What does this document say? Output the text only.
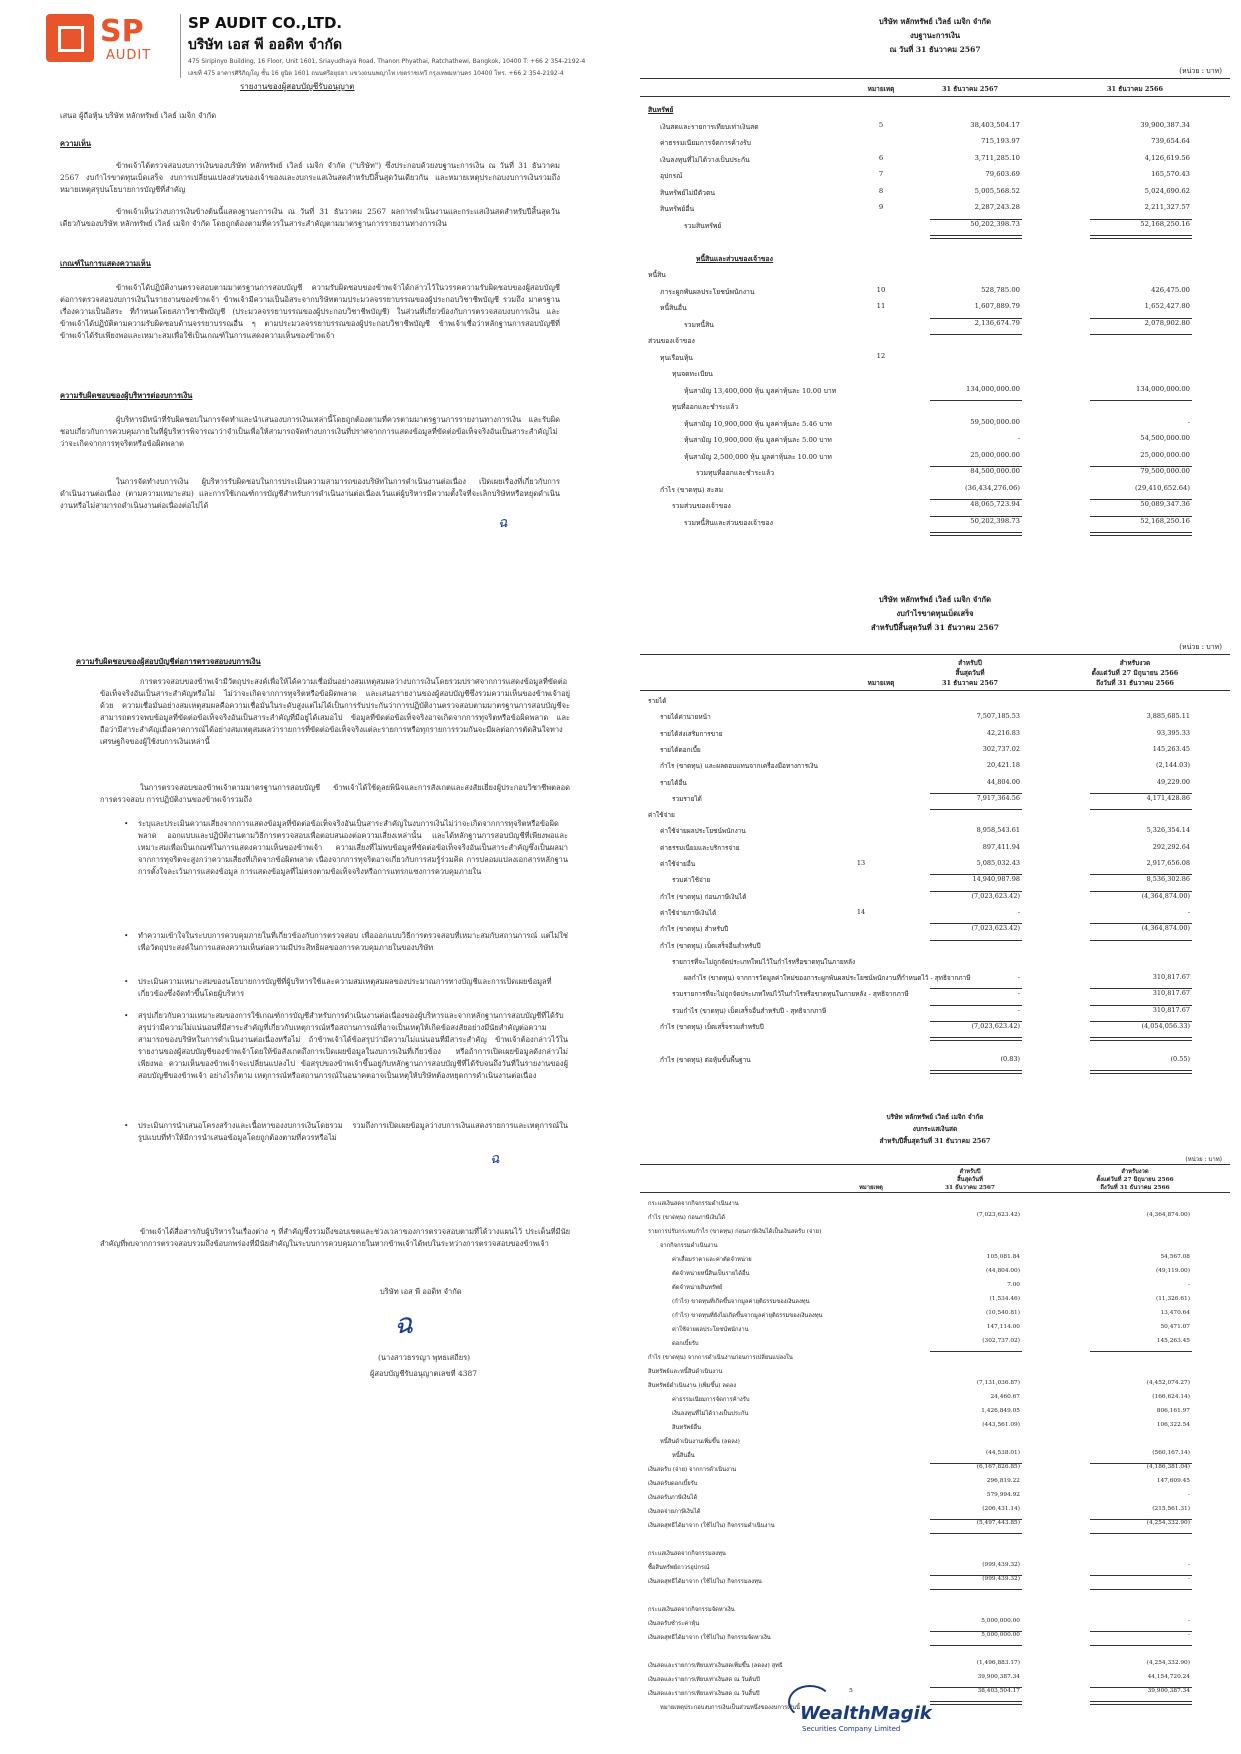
SP
AUDIT
SP AUDIT CO.,LTD.
บริษัท เอส พี ออดิท จำกัด
475 Siripinyo Building, 16 Floor, Unit 1601, Sriayudhaya Road, Thanon Phyathai, Ratchathewi, Bangkok, 10400 T: +66 2 354-2192-4
เลขที่ 475 อาคารศิริภิญโญ ชั้น 16 ยูนิต 1601 ถนนศรีอยุธยา แขวงถนนพญาไท เขตราชเทวี กรุงเทพมหานคร 10400 โทร. +66 2 354-2192-4
รายงานของผู้สอบบัญชีรับอนุญาต
เสนอ ผู้ถือหุ้น บริษัท หลักทรัพย์ เวิลธ์ เมจิก จำกัด
ความเห็น
ข้าพเจ้าได้ตรวจสอบงบการเงินของบริษัท หลักทรัพย์ เวิลธ์ เมจิก จำกัด ("บริษัท") ซึ่งประกอบด้วยงบฐานะการเงิน ณ วันที่ 31 ธันวาคม 2567 งบกำไรขาดทุนเบ็ดเสร็จ งบการเปลี่ยนแปลงส่วนของเจ้าของและงบกระแสเงินสดสำหรับปีสิ้นสุดวันเดียวกัน และหมายเหตุประกอบงบการเงินรวมถึงหมายเหตุสรุปนโยบายการบัญชีที่สำคัญ
ข้าพเจ้าเห็นว่างบการเงินข้างต้นนี้แสดงฐานะการเงิน ณ วันที่ 31 ธันวาคม 2567 ผลการดำเนินงานและกระแสเงินสดสำหรับปีสิ้นสุดวันเดียวกันของบริษัท หลักทรัพย์ เวิลธ์ เมจิก จำกัด โดยถูกต้องตามที่ควรในสาระสำคัญตามมาตรฐานการรายงานทางการเงิน
เกณฑ์ในการแสดงความเห็น
ข้าพเจ้าได้ปฏิบัติงานตรวจสอบตามมาตรฐานการสอบบัญชี ความรับผิดชอบของข้าพเจ้าได้กล่าวไว้ในวรรคความรับผิดชอบของผู้สอบบัญชีต่อการตรวจสอบงบการเงินในรายงานของข้าพเจ้า ข้าพเจ้ามีความเป็นอิสระจากบริษัทตามประมวลจรรยาบรรณของผู้ประกอบวิชาชีพบัญชี รวมถึง มาตรฐานเรื่องความเป็นอิสระ ที่กำหนดโดยสภาวิชาชีพบัญชี (ประมวลจรรยาบรรณของผู้ประกอบวิชาชีพบัญชี) ในส่วนที่เกี่ยวข้องกับการตรวจสอบงบการเงิน และข้าพเจ้าได้ปฏิบัติตามความรับผิดชอบด้านจรรยาบรรณอื่น ๆ ตามประมวลจรรยาบรรณของผู้ประกอบวิชาชีพบัญชี ข้าพเจ้าเชื่อว่าหลักฐานการสอบบัญชีที่ข้าพเจ้าได้รับเพียงพอและเหมาะสมเพื่อใช้เป็นเกณฑ์ในการแสดงความเห็นของข้าพเจ้า
ความรับผิดชอบของผู้บริหารต่องบการเงิน
ผู้บริหารมีหน้าที่รับผิดชอบในการจัดทำและนำเสนองบการเงินเหล่านี้โดยถูกต้องตามที่ควรตามมาตรฐานการรายงานทางการเงิน และรับผิดชอบเกี่ยวกับการควบคุมภายในที่ผู้บริหารพิจารณาว่าจำเป็นเพื่อให้สามารถจัดทำงบการเงินที่ปราศจากการแสดงข้อมูลที่ขัดต่อข้อเท็จจริงอันเป็นสาระสำคัญไม่ว่าจะเกิดจากการทุจริตหรือข้อผิดพลาด
ในการจัดทำงบการเงิน ผู้บริหารรับผิดชอบในการประเมินความสามารถของบริษัทในการดำเนินงานต่อเนื่อง เปิดเผยเรื่องที่เกี่ยวกับการดำเนินงานต่อเนื่อง (ตามความเหมาะสม) และการใช้เกณฑ์การบัญชีสำหรับการดำเนินงานต่อเนื่องเว้นแต่ผู้บริหารมีความตั้งใจที่จะเลิกบริษัทหรือหยุดดำเนินงานหรือไม่สามารถดำเนินงานต่อเนื่องต่อไปได้
ฉ
ความรับผิดชอบของผู้สอบบัญชีต่อการตรวจสอบงบการเงิน
การตรวจสอบของข้าพเจ้ามีวัตถุประสงค์เพื่อให้ได้ความเชื่อมั่นอย่างสมเหตุสมผลว่างบการเงินโดยรวมปราศจากการแสดงข้อมูลที่ขัดต่อข้อเท็จจริงอันเป็นสาระสำคัญหรือไม่ ไม่ว่าจะเกิดจากการทุจริตหรือข้อผิดพลาด และเสนอรายงานของผู้สอบบัญชีซึ่งรวมความเห็นของข้าพเจ้าอยู่ด้วย ความเชื่อมั่นอย่างสมเหตุสมผลคือความเชื่อมั่นในระดับสูงแต่ไม่ได้เป็นการรับประกันว่าการปฏิบัติงานตรวจสอบตามมาตรฐานการสอบบัญชีจะสามารถตรวจพบข้อมูลที่ขัดต่อข้อเท็จจริงอันเป็นสาระสำคัญที่มีอยู่ได้เสมอไป ข้อมูลที่ขัดต่อข้อเท็จจริงอาจเกิดจากการทุจริตหรือข้อผิดพลาด และถือว่ามีสาระสำคัญเมื่อคาดการณ์ได้อย่างสมเหตุสมผลว่ารายการที่ขัดต่อข้อเท็จจริงแต่ละรายการหรือทุกรายการรวมกันจะมีผลต่อการตัดสินใจทางเศรษฐกิจของผู้ใช้งบการเงินเหล่านี้
ในการตรวจสอบของข้าพเจ้าตามมาตรฐานการสอบบัญชี ข้าพเจ้าได้ใช้ดุลยพินิจและการสังเกตและสงสัยเยี่ยงผู้ประกอบวิชาชีพตลอดการตรวจสอบ การปฏิบัติงานของข้าพเจ้ารวมถึง
• ระบุและประเมินความเสี่ยงจากการแสดงข้อมูลที่ขัดต่อข้อเท็จจริงอันเป็นสาระสำคัญในงบการเงินไม่ว่าจะเกิดจากการทุจริตหรือข้อผิดพลาด ออกแบบและปฏิบัติงานตามวิธีการตรวจสอบเพื่อตอบสนองต่อความเสี่ยงเหล่านั้น และได้หลักฐานการสอบบัญชีที่เพียงพอและเหมาะสมเพื่อเป็นเกณฑ์ในการแสดงความเห็นของข้าพเจ้า ความเสี่ยงที่ไม่พบข้อมูลที่ขัดต่อข้อเท็จจริงอันเป็นสาระสำคัญซึ่งเป็นผลมาจากการทุจริตจะสูงกว่าความเสี่ยงที่เกิดจากข้อผิดพลาด เนื่องจากการทุจริตอาจเกี่ยวกับการสมรู้ร่วมคิด การปลอมแปลงเอกสารหลักฐาน การตั้งใจละเว้นการแสดงข้อมูล การแสดงข้อมูลที่ไม่ตรงตามข้อเท็จจริงหรือการแทรกแซงการควบคุมภายใน
• ทำความเข้าใจในระบบการควบคุมภายในที่เกี่ยวข้องกับการตรวจสอบ เพื่อออกแบบวิธีการตรวจสอบที่เหมาะสมกับสถานการณ์ แต่ไม่ใช่เพื่อวัตถุประสงค์ในการแสดงความเห็นต่อความมีประสิทธิผลของการควบคุมภายในของบริษัท
• ประเมินความเหมาะสมของนโยบายการบัญชีที่ผู้บริหารใช้และความสมเหตุสมผลของประมาณการทางบัญชีและการเปิดเผยข้อมูลที่เกี่ยวข้องซึ่งจัดทำขึ้นโดยผู้บริหาร
• สรุปเกี่ยวกับความเหมาะสมของการใช้เกณฑ์การบัญชีสำหรับการดำเนินงานต่อเนื่องของผู้บริหารและจากหลักฐานการสอบบัญชีที่ได้รับ สรุปว่ามีความไม่แน่นอนที่มีสาระสำคัญที่เกี่ยวกับเหตุการณ์หรือสถานการณ์ที่อาจเป็นเหตุให้เกิดข้อสงสัยอย่างมีนัยสำคัญต่อความสามารถของบริษัทในการดำเนินงานต่อเนื่องหรือไม่ ถ้าข้าพเจ้าได้ข้อสรุปว่ามีความไม่แน่นอนที่มีสาระสำคัญ ข้าพเจ้าต้องกล่าวไว้ในรายงานของผู้สอบบัญชีของข้าพเจ้าโดยให้ข้อสังเกตถึงการเปิดเผยข้อมูลในงบการเงินที่เกี่ยวข้อง หรือถ้าการเปิดเผยข้อมูลดังกล่าวไม่เพียงพอ ความเห็นของข้าพเจ้าจะเปลี่ยนแปลงไป ข้อสรุปของข้าพเจ้าขึ้นอยู่กับหลักฐานการสอบบัญชีที่ได้รับจนถึงวันที่ในรายงานของผู้สอบบัญชีของข้าพเจ้า อย่างไรก็ตาม เหตุการณ์หรือสถานการณ์ในอนาคตอาจเป็นเหตุให้บริษัทต้องหยุดการดำเนินงานต่อเนื่อง
• ประเมินการนำเสนอโครงสร้างและเนื้อหาของงบการเงินโดยรวม รวมถึงการเปิดเผยข้อมูลว่างบการเงินแสดงรายการและเหตุการณ์ในรูปแบบที่ทำให้มีการนำเสนอข้อมูลโดยถูกต้องตามที่ควรหรือไม่
ฉ
ข้าพเจ้าได้สื่อสารกับผู้บริหารในเรื่องต่าง ๆ ที่สำคัญซึ่งรวมถึงขอบเขตและช่วงเวลาของการตรวจสอบตามที่ได้วางแผนไว้ ประเด็นที่มีนัยสำคัญที่พบจากการตรวจสอบรวมถึงข้อบกพร่องที่มีนัยสำคัญในระบบการควบคุมภายในหากข้าพเจ้าได้พบในระหว่างการตรวจสอบของข้าพเจ้า
บริษัท เอส พี ออดิท จำกัด
ฉ
(นางสาวธรรญา พุทธเสถียร)
ผู้สอบบัญชีรับอนุญาตเลขที่ 4387
บริษัท หลักทรัพย์ เวิลธ์ เมจิก จำกัด
งบฐานะการเงิน
ณ วันที่ 31 ธันวาคม 2567
(หน่วย : บาท)
หมายเหตุ	31 ธันวาคม 2567	31 ธันวาคม 2566
สินทรัพย์
เงินสดและรายการเทียบเท่าเงินสด	5	38,403,504.17	39,900,387.34
ค่าธรรมเนียมการจัดการค้างรับ	715,193.97	739,654.64
เงินลงทุนที่ไม่ได้วางเป็นประกัน	6	3,711,285.10	4,126,619.56
อุปกรณ์	7	79,603.69	165,570.43
สินทรัพย์ไม่มีตัวตน	8	5,005,568.52	5,024,690.62
สินทรัพย์อื่น	9	2,287,243.28	2,211,327.57
รวมสินทรัพย์	50,202,398.73	52,168,250.16
หนี้สินและส่วนของเจ้าของ
หนี้สิน
ภาระผูกพันผลประโยชน์พนักงาน	10	528,785.00	426,475.00
หนี้สินอื่น	11	1,607,889.79	1,652,427.80
รวมหนี้สิน	2,136,674.79	2,078,902.80
ส่วนของเจ้าของ
ทุนเรือนหุ้น	12
ทุนจดทะเบียน
หุ้นสามัญ 13,400,000 หุ้น มูลค่าหุ้นละ 10.00 บาท	134,000,000.00	134,000,000.00
ทุนที่ออกและชำระแล้ว
หุ้นสามัญ 10,900,000 หุ้น มูลค่าหุ้นละ 5.46 บาท	59,500,000.00	-
หุ้นสามัญ 10,900,000 หุ้น มูลค่าหุ้นละ 5.00 บาท	-	54,500,000.00
หุ้นสามัญ 2,500,000 หุ้น มูลค่าหุ้นละ 10.00 บาท	25,000,000.00	25,000,000.00
รวมทุนที่ออกและชำระแล้ว	84,500,000.00	79,500,000.00
กำไร (ขาดทุน) สะสม	(36,434,276.06)	(29,410,652.64)
รวมส่วนของเจ้าของ	48,065,723.94	50,089,347.36
รวมหนี้สินและส่วนของเจ้าของ	50,202,398.73	52,168,250.16
บริษัท หลักทรัพย์ เวิลธ์ เมจิก จำกัด
งบกำไรขาดทุนเบ็ดเสร็จ
สำหรับปีสิ้นสุดวันที่ 31 ธันวาคม 2567
(หน่วย : บาท)
สำหรับปี
สิ้นสุดวันที่
31 ธันวาคม 2567
สำหรับงวด
ตั้งแต่วันที่ 27 มิถุนายน 2566
ถึงวันที่ 31 ธันวาคม 2566
หมายเหตุ
รายได้
รายได้ค่านายหน้า	7,507,185.53	3,885,685.11
รายได้ส่งเสริมการขาย	42,216.83	93,395.33
รายได้ดอกเบี้ย	302,737.02	145,263.45
กำไร (ขาดทุน) และผลตอบแทนจากเครื่องมือทางการเงิน	20,421.18	(2,144.03)
รายได้อื่น	44,804.00	49,229.00
รวมรายได้	7,917,364.56	4,171,428.86
ค่าใช้จ่าย
ค่าใช้จ่ายผลประโยชน์พนักงาน	8,958,543.61	5,326,354.14
ค่าธรรมเนียมและบริการจ่าย	897,411.94	292,292.64
ค่าใช้จ่ายอื่น	13	5,085,032.43	2,917,656.08
รวมค่าใช้จ่าย	14,940,987.98	8,536,302.86
กำไร (ขาดทุน) ก่อนภาษีเงินได้	(7,023,623.42)	(4,364,874.00)
ค่าใช้จ่ายภาษีเงินได้	14	-	-
กำไร (ขาดทุน) สำหรับปี	(7,023,623.42)	(4,364,874.00)
กำไร (ขาดทุน) เบ็ดเสร็จอื่นสำหรับปี
รายการที่จะไม่ถูกจัดประเภทใหม่ไว้ในกำไรหรือขาดทุนในภายหลัง
ผลกำไร (ขาดทุน) จากการวัดมูลค่าใหม่ของภาระผูกพันผลประโยชน์พนักงานที่กำหนดไว้ - สุทธิจากภาษี	-	310,817.67
รวมรายการที่จะไม่ถูกจัดประเภทใหม่ไว้ในกำไรหรือขาดทุนในภายหลัง - สุทธิจากภาษี	-	310,817.67
รวมกำไร (ขาดทุน) เบ็ดเสร็จอื่นสำหรับปี - สุทธิจากภาษี	-	310,817.67
กำไร (ขาดทุน) เบ็ดเสร็จรวมสำหรับปี	(7,023,623.42)	(4,054,056.33)
กำไร (ขาดทุน) ต่อหุ้นขั้นพื้นฐาน	(0.83)	(0.55)
บริษัท หลักทรัพย์ เวิลธ์ เมจิก จำกัด
งบกระแสเงินสด
สำหรับปีสิ้นสุดวันที่ 31 ธันวาคม 2567
(หน่วย : บาท)
สำหรับปี
สิ้นสุดวันที่
31 ธันวาคม 2567
สำหรับงวด
ตั้งแต่วันที่ 27 มิถุนายน 2566
ถึงวันที่ 31 ธันวาคม 2566
หมายเหตุ
กระแสเงินสดจากกิจกรรมดำเนินงาน
กำไร (ขาดทุน) ก่อนภาษีเงินได้	(7,023,623.42)	(4,364,874.00)
รายการปรับกระทบกำไร (ขาดทุน) ก่อนภาษีเงินได้เป็นเงินสดรับ (จ่าย)
จากกิจกรรมดำเนินงาน
ค่าเสื่อมราคาและค่าตัดจำหน่าย	105,081.84	54,567.08
ตัดจำหน่ายหนี้สินเป็นรายได้อื่น	(44,804.00)	(49,119.00)
ตัดจำหน่ายสินทรัพย์	7.00	-
(กำไร) ขาดทุนที่เกิดขึ้นจากมูลค่ายุติธรรมของเงินลงทุน	(1,534.46)	(11,326.61)
(กำไร) ขาดทุนที่ยังไม่เกิดขึ้นจากมูลค่ายุติธรรมของเงินลงทุน	(10,540.81)	13,470.64
ค่าใช้จ่ายผลประโยชน์พนักงาน	147,114.00	50,471.07
ดอกเบี้ยรับ	(302,737.02)	145,263.45
กำไร (ขาดทุน) จากการดำเนินงานก่อนการเปลี่ยนแปลงใน
สินทรัพย์และหนี้สินดำเนินงาน
สินทรัพย์ดำเนินงาน (เพิ่มขึ้น) ลดลง	(7,131,036.87)	(4,452,074.27)
ค่าธรรมเนียมการจัดการค้างรับ	24,460.67	(166,624.14)
เงินลงทุนที่ไม่ได้วางเป็นประกัน	1,426,849.05	806,161.97
สินทรัพย์อื่น	(443,561.09)	106,322.54
หนี้สินดำเนินงานเพิ่มขึ้น (ลดลง)
หนี้สินอื่น	(44,538.01)	(560,167.14)
เงินสดรับ (จ่าย) จากการดำเนินงาน	(6,167,826.85)	(4,186,381.04)
เงินสดรับดอกเบี้ยรับ	296,819.22	147,609.45
เงินสดรับภาษีเงินได้	579,994.92	-
เงินสดจ่ายภาษีเงินได้	(206,431.14)	(215,561.31)
เงินสดสุทธิได้มาจาก (ใช้ไปใน) กิจกรรมดำเนินงาน	(5,497,443.85)	(4,254,332.90)
กระแสเงินสดจากกิจกรรมลงทุน
ซื้อสินทรัพย์ถาวรอุปกรณ์	(999,439.32)	-
เงินสดสุทธิได้มาจาก (ใช้ไปใน) กิจกรรมลงทุน	(999,439.32)	-
กระแสเงินสดจากกิจกรรมจัดหาเงิน
เงินสดรับชำระค่าหุ้น	5,000,000.00	-
เงินสดสุทธิได้มาจาก (ใช้ไปใน) กิจกรรมจัดหาเงิน	5,000,000.00	-
เงินสดและรายการเทียบเท่าเงินสดเพิ่มขึ้น (ลดลง) สุทธิ	(1,496,883.17)	(4,254,332.90)
เงินสดและรายการเทียบเท่าเงินสด ณ วันต้นปี	39,900,387.34	44,154,720.24
เงินสดและรายการเทียบเท่าเงินสด ณ วันสิ้นปี	5	38,403,504.17	39,900,387.34
หมายเหตุประกอบงบการเงินเป็นส่วนหนึ่งของงบการเงินนี้ WealthMagik
Securities Company Limited
